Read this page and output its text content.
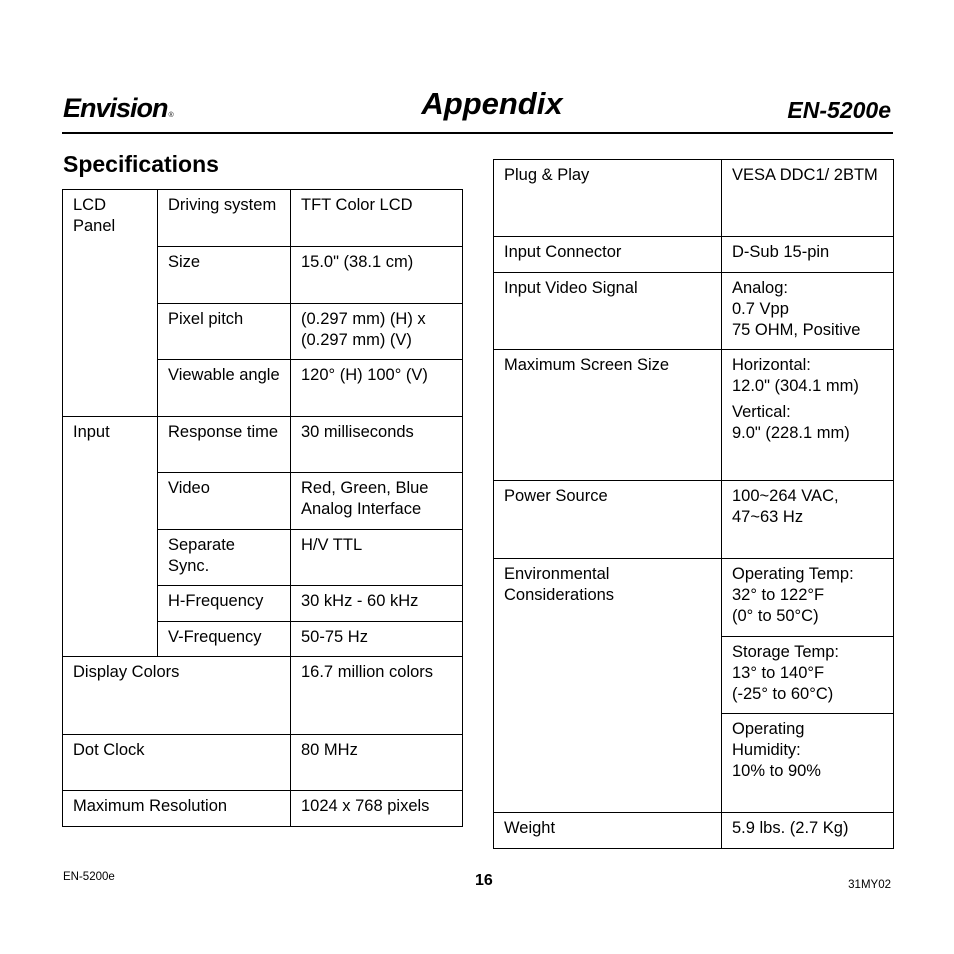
Envision®	Appendix	EN-5200e
Specifications
LCD Panel	Driving system	TFT Color LCD
	Size	15.0" (38.1 cm)
	Pixel pitch	(0.297 mm) (H) x (0.297 mm) (V)
	Viewable angle	120° (H) 100° (V)
Input	Response time	30 milliseconds
	Video	Red, Green, Blue Analog Interface
	Separate Sync.	H/V TTL
	H-Frequency	30 kHz - 60 kHz
	V-Frequency	50-75 Hz
Display Colors		16.7 million colors
Dot Clock		80 MHz
Maximum Resolution		1024 x 768 pixels
Plug & Play	VESA DDC1/ 2BTM
Input Connector	D-Sub 15-pin
Input Video Signal	Analog:
0.7 Vpp
75 OHM, Positive

Maximum Screen Size	Horizontal:
12.0" (304.1 mm)
Vertical:
9.0" (228.1 mm)

Power Source	100~264 VAC,
47~63 Hz

Environmental Considerations	Operating Temp:
32° to 122°F
(0° to 50°C)

	Storage Temp:
13° to 140°F
(-25° to 60°C)

	Operating
Humidity:
10% to 90%

Weight	5.9 lbs. (2.7 Kg)
EN-5200e	16	31MY02
